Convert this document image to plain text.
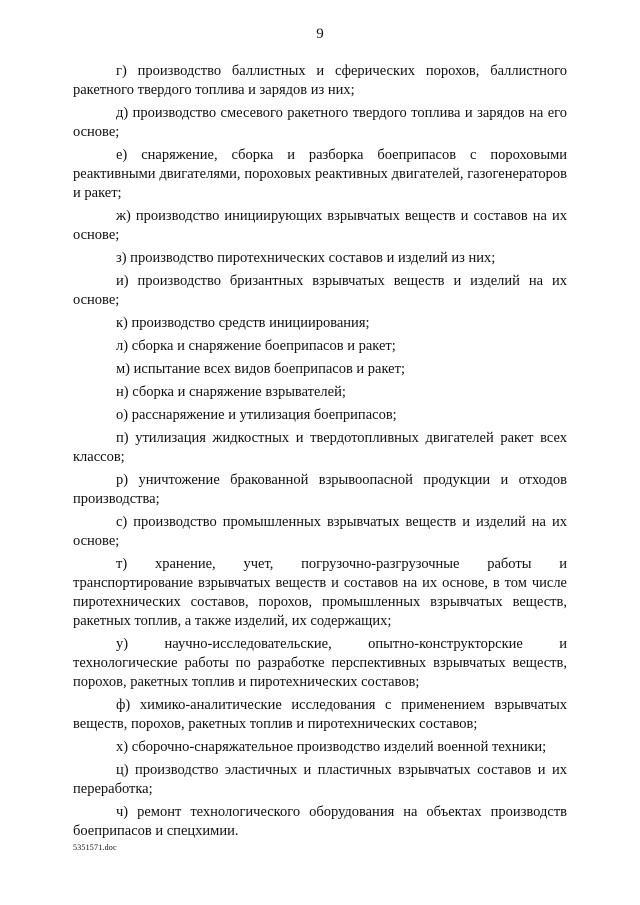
9

г) производство баллистных и сферических порохов, баллистного ракетного твердого топлива и зарядов из них;

д) производство смесевого ракетного твердого топлива и зарядов на его основе;

е) снаряжение, сборка и разборка боеприпасов с пороховыми реактивными двигателями, пороховых реактивных двигателей, газогенераторов и ракет;

ж) производство инициирующих взрывчатых веществ и составов на их основе;

з) производство пиротехнических составов и изделий из них;

и) производство бризантных взрывчатых веществ и изделий на их основе;

к) производство средств инициирования;

л) сборка и снаряжение боеприпасов и ракет;

м) испытание всех видов боеприпасов и ракет;

н) сборка и снаряжение взрывателей;

о) расснаряжение и утилизация боеприпасов;

п) утилизация жидкостных и твердотопливных двигателей ракет всех классов;

р) уничтожение бракованной взрывоопасной продукции и отходов производства;

с) производство промышленных взрывчатых веществ и изделий на их основе;

т) хранение, учет, погрузочно-разгрузочные работы и транспортирование взрывчатых веществ и составов на их основе, в том числе пиротехнических составов, порохов, промышленных взрывчатых веществ, ракетных топлив, а также изделий, их содержащих;

у) научно-исследовательские, опытно-конструкторские и технологические работы по разработке перспективных взрывчатых веществ, порохов, ракетных топлив и пиротехнических составов;

ф) химико-аналитические исследования с применением взрывчатых веществ, порохов, ракетных топлив и пиротехнических составов;

х) сборочно-снаряжательное производство изделий военной техники;

ц) производство эластичных и пластичных взрывчатых составов и их переработка;

ч) ремонт технологического оборудования на объектах производств боеприпасов и спецхимии.

5351571.doc
